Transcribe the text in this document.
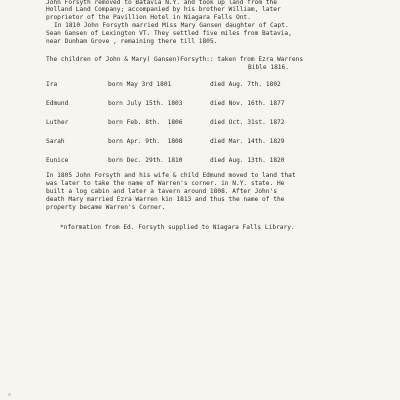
John Forsyth removed to Batavia N.Y. and took up land from the
Holland Land Company; accompanied by his brother William, later
proprietor of the Pavillion Hotel in Niagara Falls Ont.
In 1810 John Forsyth married Miss Mary Gansen daughter of Capt.
Sean Gansen of Lexington VT. They settled five miles from Batavia,
near Dunham Grove , remaining there till 1805.
The children of John & Mary( Gansen)Forsyth:: taken from Ezra Warrens
Bible 1816.
Ira	born May 3rd 1801	died Aug. 7th. 1802
Edmund	born July 15th. 1803	died Nov. 16th. 1877
Luther	born Feb. 8th.  1806	died Oct. 31st. 1872
Sarah	born Apr. 9th.  1808	died Mar. 14th. 1829
Eunice	born Dec. 29th. 1810	died Aug. 13th. 1820
In 1805 John Forsyth and his wife & child Edmund moved to land that
was later to take the name of Warren's corner. in N.Y. state. He
built a log cabin and later a tavern around 1808. After John's
death Mary married Ezra Warren kin 1813 and thus the name of the
property became Warren's Corner.
*nformation from Ed. Forsyth supplied to Niagara Falls Library.
